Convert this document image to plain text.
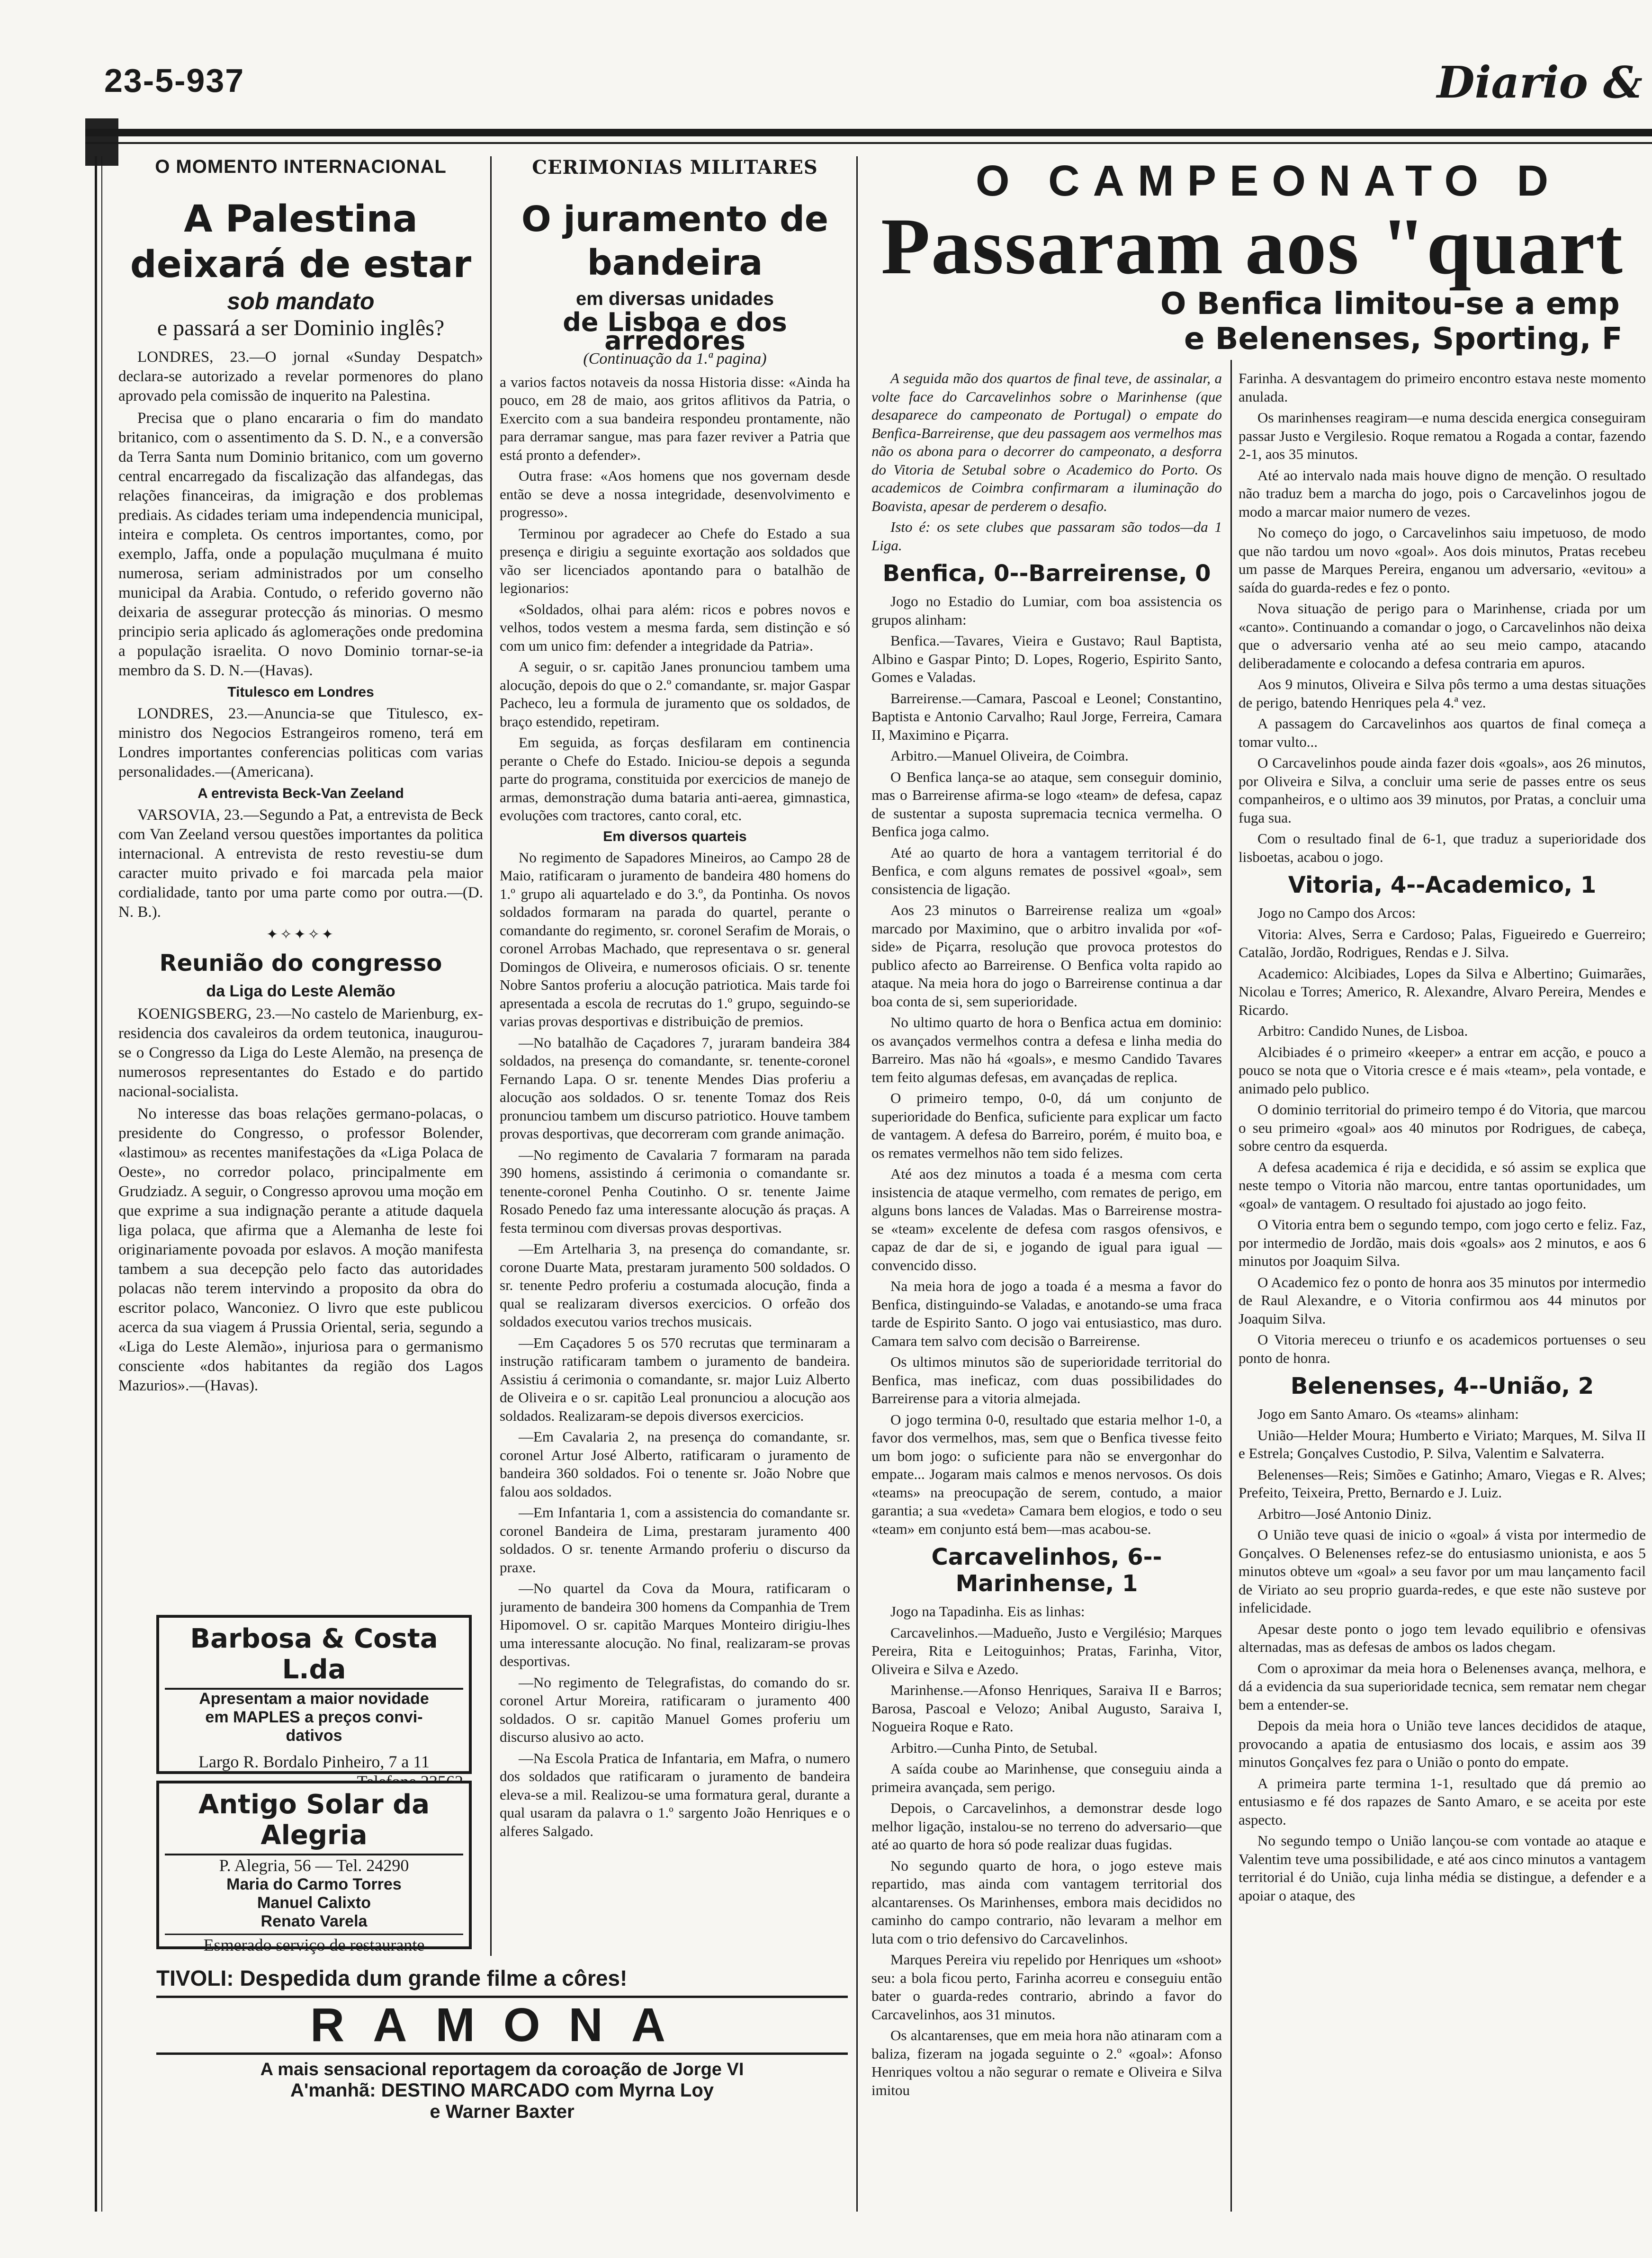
23-5-937	Diario &
O MOMENTO INTERNACIONAL
A Palestina deixará de estar
sob mandato
e passará a ser Dominio inglês?

LONDRES, 23.—O jornal «Sunday Despatch» declara-se autorizado a revelar pormenores do plano aprovado pela comissão de inquerito na Palestina.

Precisa que o plano encararia o fim do mandato britanico, com o assentimento da S. D. N., e a conversão da Terra Santa num Dominio britanico, com um governo central encarregado da fiscalização das alfandegas, das relações financeiras, da imigração e dos problemas prediais. As cidades teriam uma independencia municipal, inteira e completa. Os centros importantes, como, por exemplo, Jaffa, onde a população muçulmana é muito numerosa, seriam administrados por um conselho municipal da Arabia. Contudo, o referido governo não deixaria de assegurar protecção ás minorias. O mesmo principio seria aplicado ás aglomerações onde predomina a população israelita. O novo Dominio tornar-se-ia membro da S. D. N.—(Havas).

Titulesco em Londres

LONDRES, 23.—Anuncia-se que Titulesco, ex-ministro dos Negocios Estrangeiros romeno, terá em Londres importantes conferencias politicas com varias personalidades.—(Americana).

A entrevista Beck-Van Zeeland

VARSOVIA, 23.—Segundo a Pat, a entrevista de Beck com Van Zeeland versou questões importantes da politica internacional. A entrevista de resto revestiu-se dum caracter muito privado e foi marcada pela maior cordialidade, tanto por uma parte como por outra.—(D. N. B.).

✦✧✦✧✦
Reunião do congresso
da Liga do Leste Alemão

KOENIGSBERG, 23.—No castelo de Marienburg, ex-residencia dos cavaleiros da ordem teutonica, inaugurou-se o Congresso da Liga do Leste Alemão, na presença de numerosos representantes do Estado e do partido nacional-socialista.

No interesse das boas relações germano-polacas, o presidente do Congresso, o professor Bolender, «lastimou» as recentes manifestações da «Liga Polaca de Oeste», no corredor polaco, principalmente em Grudziadz. A seguir, o Congresso aprovou uma moção em que exprime a sua indignação perante a atitude daquela liga polaca, que afirma que a Alemanha de leste foi originariamente povoada por eslavos. A moção manifesta tambem a sua decepção pelo facto das autoridades polacas não terem intervindo a proposito da obra do escritor polaco, Wanconiez. O livro que este publicou acerca da sua viagem á Prussia Oriental, seria, segundo a «Liga do Leste Alemão», injuriosa para o germanismo consciente «dos habitantes da região dos Lagos Mazurios».—(Havas).

Barbosa & Costa L.da
Apresentam a maior novidade
em MAPLES a preços convi-
dativos
Largo R. Bordalo Pinheiro, 7 a 11
Antigo Solar da Alegria
P. Alegria, 56 — Tel. 24290
Maria do Carmo Torres
Manuel Calixto
Renato Varela
Esmerado serviço de restaurante
TIVOLI: Despedida dum grande filme a côres!
RAMONA
A mais sensacional reportagem da coroação de Jorge VI
A'manhã: DESTINO MARCADO com Myrna Loy
e Warner Baxter
CERIMONIAS MILITARES
O juramento de bandeira
em diversas unidades
de Lisboa e dos arredores
(Continuação da 1.ª pagina)

a varios factos notaveis da nossa Historia disse: «Ainda ha pouco, em 28 de maio, aos gritos aflitivos da Patria, o Exercito com a sua bandeira respondeu prontamente, não para derramar sangue, mas para fazer reviver a Patria que está pronto a defender».

Outra frase: «Aos homens que nos governam desde então se deve a nossa integridade, desenvolvimento e progresso».

Terminou por agradecer ao Chefe do Estado a sua presença e dirigiu a seguinte exortação aos soldados que vão ser licenciados apontando para o batalhão de legionarios:

«Soldados, olhai para além: ricos e pobres novos e velhos, todos vestem a mesma farda, sem distinção e só com um unico fim: defender a integridade da Patria».

A seguir, o sr. capitão Janes pronunciou tambem uma alocução, depois do que o 2.º comandante, sr. major Gaspar Pacheco, leu a formula de juramento que os soldados, de braço estendido, repetiram.

Em seguida, as forças desfilaram em continencia perante o Chefe do Estado. Iniciou-se depois a segunda parte do programa, constituida por exercicios de manejo de armas, demonstração duma bataria anti-aerea, gimnastica, evoluções com tractores, canto coral, etc.

Em diversos quarteis

No regimento de Sapadores Mineiros, ao Campo 28 de Maio, ratificaram o juramento de bandeira 480 homens do 1.º grupo ali aquartelado e do 3.º, da Pontinha. Os novos soldados formaram na parada do quartel, perante o comandante do regimento, sr. coronel Serafim de Morais, o coronel Arrobas Machado, que representava o sr. general Domingos de Oliveira, e numerosos oficiais. O sr. tenente Nobre Santos proferiu a alocução patriotica. Mais tarde foi apresentada a escola de recrutas do 1.º grupo, seguindo-se varias provas desportivas e distribuição de premios.

—No batalhão de Caçadores 7, juraram bandeira 384 soldados, na presença do comandante, sr. tenente-coronel Fernando Lapa. O sr. tenente Mendes Dias proferiu a alocução aos soldados. O sr. tenente Tomaz dos Reis pronunciou tambem um discurso patriotico. Houve tambem provas desportivas, que decorreram com grande animação.

—No regimento de Cavalaria 7 formaram na parada 390 homens, assistindo á cerimonia o comandante sr. tenente-coronel Penha Coutinho. O sr. tenente Jaime Rosado Penedo faz uma interessante alocução ás praças. A festa terminou com diversas provas desportivas.

—Em Artelharia 3, na presença do comandante, sr. corone Duarte Mata, prestaram juramento 500 soldados. O sr. tenente Pedro proferiu a costumada alocução, finda a qual se realizaram diversos exercicios. O orfeão dos soldados executou varios trechos musicais.

—Em Caçadores 5 os 570 recrutas que terminaram a instrução ratificaram tambem o juramento de bandeira. Assistiu á cerimonia o comandante, sr. major Luiz Alberto de Oliveira e o sr. capitão Leal pronunciou a alocução aos soldados. Realizaram-se depois diversos exercicios.

—Em Cavalaria 2, na presença do comandante, sr. coronel Artur José Alberto, ratificaram o juramento de bandeira 360 soldados. Foi o tenente sr. João Nobre que falou aos soldados.

—Em Infantaria 1, com a assistencia do comandante sr. coronel Bandeira de Lima, prestaram juramento 400 soldados. O sr. tenente Armando proferiu o discurso da praxe.

—No quartel da Cova da Moura, ratificaram o juramento de bandeira 300 homens da Companhia de Trem Hipomovel. O sr. capitão Marques Monteiro dirigiu-lhes uma interessante alocução. No final, realizaram-se provas desportivas.

—No regimento de Telegrafistas, do comando do sr. coronel Artur Moreira, ratificaram o juramento 400 soldados. O sr. capitão Manuel Gomes proferiu um discurso alusivo ao acto.

—Na Escola Pratica de Infantaria, em Mafra, o numero dos soldados que ratificaram o juramento de bandeira eleva-se a mil. Realizou-se uma formatura geral, durante a qual usaram da palavra o 1.º sargento João Henriques e o alferes Salgado.

O CAMPEONATO D
Passaram aos "quart
O Benfica limitou-se a emp
e Belenenses, Sporting, F

A seguida mão dos quartos de final teve, de assinalar, a volte face do Carcavelinhos sobre o Marinhense (que desaparece do campeonato de Portugal) o empate do Benfica-Barreirense, que deu passagem aos vermelhos mas não os abona para o decorrer do campeonato, a desforra do Vitoria de Setubal sobre o Academico do Porto. Os academicos de Coimbra confirmaram a iluminação do Boavista, apesar de perderem o desafio.

Isto é: os sete clubes que passaram são todos—da 1 Liga.

Benfica, 0--Barreirense, 0

Jogo no Estadio do Lumiar, com boa assistencia os grupos alinham:

Benfica.—Tavares, Vieira e Gustavo; Raul Baptista, Albino e Gaspar Pinto; D. Lopes, Rogerio, Espirito Santo, Gomes e Valadas.

Barreirense.—Camara, Pascoal e Leonel; Constantino, Baptista e Antonio Carvalho; Raul Jorge, Ferreira, Camara II, Maximino e Piçarra.

Arbitro.—Manuel Oliveira, de Coimbra.

O Benfica lança-se ao ataque, sem conseguir dominio, mas o Barreirense afirma-se logo «team» de defesa, capaz de sustentar a suposta supremacia tecnica vermelha. O Benfica joga calmo.

Até ao quarto de hora a vantagem territorial é do Benfica, e com alguns remates de possivel «goal», sem consistencia de ligação.

Aos 23 minutos o Barreirense realiza um «goal» marcado por Maximino, que o arbitro invalida por «of-side» de Piçarra, resolução que provoca protestos do publico afecto ao Barreirense. O Benfica volta rapido ao ataque. Na meia hora do jogo o Barreirense continua a dar boa conta de si, sem superioridade.

No ultimo quarto de hora o Benfica actua em dominio: os avançados vermelhos contra a defesa e linha media do Barreiro. Mas não há «goals», e mesmo Candido Tavares tem feito algumas defesas, em avançadas de replica.

O primeiro tempo, 0-0, dá um conjunto de superioridade do Benfica, suficiente para explicar um facto de vantagem. A defesa do Barreiro, porém, é muito boa, e os remates vermelhos não tem sido felizes.

Até aos dez minutos a toada é a mesma com certa insistencia de ataque vermelho, com remates de perigo, em alguns bons lances de Valadas. Mas o Barreirense mostra-se «team» excelente de defesa com rasgos ofensivos, e capaz de dar de si, e jogando de igual para igual —convencido disso.

Na meia hora de jogo a toada é a mesma a favor do Benfica, distinguindo-se Valadas, e anotando-se uma fraca tarde de Espirito Santo. O jogo vai entusiastico, mas duro. Camara tem salvo com decisão o Barreirense.

Os ultimos minutos são de superioridade territorial do Benfica, mas ineficaz, com duas possibilidades do Barreirense para a vitoria almejada.

O jogo termina 0-0, resultado que estaria melhor 1-0, a favor dos vermelhos, mas, sem que o Benfica tivesse feito um bom jogo: o suficiente para não se envergonhar do empate... Jogaram mais calmos e menos nervosos. Os dois «teams» na preocupação de serem, contudo, a maior garantia; a sua «vedeta» Camara bem elogios, e todo o seu «team» em conjunto está bem—mas acabou-se.

Carcavelinhos, 6--Marinhense, 1

Jogo na Tapadinha. Eis as linhas:

Carcavelinhos.—Madueño, Justo e Vergilésio; Marques Pereira, Rita e Leitoguinhos; Pratas, Farinha, Vitor, Oliveira e Silva e Azedo.

Marinhense.—Afonso Henriques, Saraiva II e Barros; Barosa, Pascoal e Velozo; Anibal Augusto, Saraiva I, Nogueira Roque e Rato.

Arbitro.—Cunha Pinto, de Setubal.

A saída coube ao Marinhense, que conseguiu ainda a primeira avançada, sem perigo.

Depois, o Carcavelinhos, a demonstrar desde logo melhor ligação, instalou-se no terreno do adversario—que até ao quarto de hora só pode realizar duas fugidas.

No segundo quarto de hora, o jogo esteve mais repartido, mas ainda com vantagem territorial dos alcantarenses. Os Marinhenses, embora mais decididos no caminho do campo contrario, não levaram a melhor em luta com o trio defensivo do Carcavelinhos.

Marques Pereira viu repelido por Henriques um «shoot» seu: a bola ficou perto, Farinha acorreu e conseguiu então bater o guarda-redes contrario, abrindo a favor do Carcavelinhos, aos 31 minutos.

Os alcantarenses, que em meia hora não atinaram com a baliza, fizeram na jogada seguinte o 2.º «goal»: Afonso Henriques voltou a não segurar o remate e Oliveira e Silva imitou

Farinha. A desvantagem do primeiro encontro estava neste momento anulada.

Os marinhenses reagiram—e numa descida energica conseguiram passar Justo e Vergilesio. Roque rematou a Rogada a contar, fazendo 2-1, aos 35 minutos.

Até ao intervalo nada mais houve digno de menção. O resultado não traduz bem a marcha do jogo, pois o Carcavelinhos jogou de modo a marcar maior numero de vezes.

No começo do jogo, o Carcavelinhos saiu impetuoso, de modo que não tardou um novo «goal». Aos dois minutos, Pratas recebeu um passe de Marques Pereira, enganou um adversario, «evitou» a saída do guarda-redes e fez o ponto.

Nova situação de perigo para o Marinhense, criada por um «canto». Continuando a comandar o jogo, o Carcavelinhos não deixa que o adversario venha até ao seu meio campo, atacando deliberadamente e colocando a defesa contraria em apuros.

Aos 9 minutos, Oliveira e Silva pôs termo a uma destas situações de perigo, batendo Henriques pela 4.ª vez.

A passagem do Carcavelinhos aos quartos de final começa a tomar vulto...

O Carcavelinhos poude ainda fazer dois «goals», aos 26 minutos, por Oliveira e Silva, a concluir uma serie de passes entre os seus companheiros, e o ultimo aos 39 minutos, por Pratas, a concluir uma fuga sua.

Com o resultado final de 6-1, que traduz a superioridade dos lisboetas, acabou o jogo.

Vitoria, 4--Academico, 1

Jogo no Campo dos Arcos:

Vitoria: Alves, Serra e Cardoso; Palas, Figueiredo e Guerreiro; Catalão, Jordão, Rodrigues, Rendas e J. Silva.

Academico: Alcibiades, Lopes da Silva e Albertino; Guimarães, Nicolau e Torres; Americo, R. Alexandre, Alvaro Pereira, Mendes e Ricardo.

Arbitro: Candido Nunes, de Lisboa.

Alcibiades é o primeiro «keeper» a entrar em acção, e pouco a pouco se nota que o Vitoria cresce e é mais «team», pela vontade, e animado pelo publico.

O dominio territorial do primeiro tempo é do Vitoria, que marcou o seu primeiro «goal» aos 40 minutos por Rodrigues, de cabeça, sobre centro da esquerda.

A defesa academica é rija e decidida, e só assim se explica que neste tempo o Vitoria não marcou, entre tantas oportunidades, um «goal» de vantagem. O resultado foi ajustado ao jogo feito.

O Vitoria entra bem o segundo tempo, com jogo certo e feliz. Faz, por intermedio de Jordão, mais dois «goals» aos 2 minutos, e aos 6 minutos por Joaquim Silva.

O Academico fez o ponto de honra aos 35 minutos por intermedio de Raul Alexandre, e o Vitoria confirmou aos 44 minutos por Joaquim Silva.

O Vitoria mereceu o triunfo e os academicos portuenses o seu ponto de honra.

Belenenses, 4--União, 2

Jogo em Santo Amaro. Os «teams» alinham:

União—Helder Moura; Humberto e Viriato; Marques, M. Silva II e Estrela; Gonçalves Custodio, P. Silva, Valentim e Salvaterra.

Belenenses—Reis; Simões e Gatinho; Amaro, Viegas e R. Alves; Prefeito, Teixeira, Pretto, Bernardo e J. Luiz.

Arbitro—José Antonio Diniz.

O União teve quasi de inicio o «goal» á vista por intermedio de Gonçalves. O Belenenses refez-se do entusiasmo unionista, e aos 5 minutos obteve um «goal» a seu favor por um mau lançamento facil de Viriato ao seu proprio guarda-redes, e que este não susteve por infelicidade.

Apesar deste ponto o jogo tem levado equilibrio e ofensivas alternadas, mas as defesas de ambos os lados chegam.

Com o aproximar da meia hora o Belenenses avança, melhora, e dá a evidencia da sua superioridade tecnica, sem rematar nem chegar bem a entender-se.

Depois da meia hora o União teve lances decididos de ataque, provocando a apatia de entusiasmo dos locais, e assim aos 39 minutos Gonçalves fez para o União o ponto do empate.

A primeira parte termina 1-1, resultado que dá premio ao entusiasmo e fé dos rapazes de Santo Amaro, e se aceita por este aspecto.

No segundo tempo o União lançou-se com vontade ao ataque e Valentim teve uma possibilidade, e até aos cinco minutos a vantagem territorial é do União, cuja linha média se distingue, a defender e a apoiar o ataque, des
